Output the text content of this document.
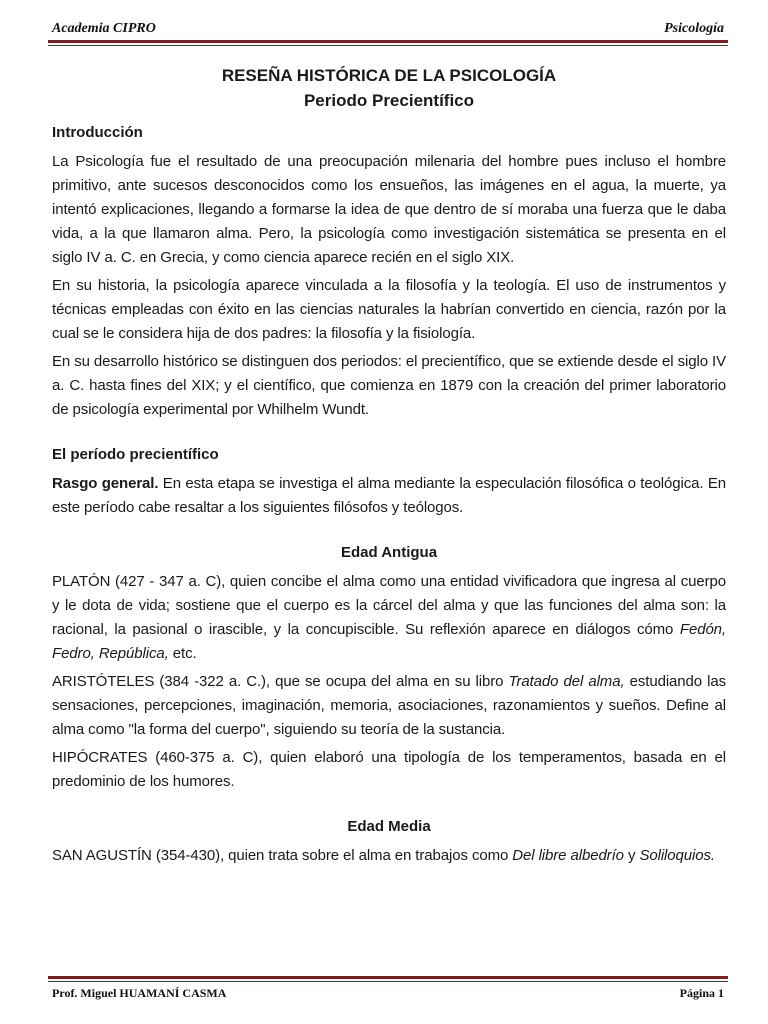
Academia CIPRO	Psicología
RESEÑA HISTÓRICA DE LA PSICOLOGÍA
Periodo Precientífico
Introducción

La Psicología fue el resultado de una preocupación milenaria del hombre pues incluso el hombre primitivo, ante sucesos desconocidos como los ensueños, las imágenes en el agua, la muerte, ya intentó explicaciones, llegando a formarse la idea de que dentro de sí moraba una fuerza que le daba vida, a la que llamaron alma. Pero, la psicología como investigación sistemática se presenta en el siglo IV a. C. en Grecia, y como ciencia aparece recién en el siglo XIX.

En su historia, la psicología aparece vinculada a la filosofía y la teología. El uso de instrumentos y técnicas empleadas con éxito en las ciencias naturales la habrían convertido en ciencia, razón por la cual se le considera hija de dos padres: la filosofía y la fisiología.

En su desarrollo histórico se distinguen dos periodos: el precientífico, que se extiende desde el siglo IV a. C. hasta fines del XIX; y el científico, que comienza en 1879 con la creación del primer laboratorio de psicología experimental por Whilhelm Wundt.

El período precientífico

Rasgo general. En esta etapa se investiga el alma mediante la especulación filosófica o teológica. En este período cabe resaltar a los siguientes filósofos y teólogos.

Edad Antigua

PLATÓN (427 - 347 a. C), quien concibe el alma como una entidad vivificadora que ingresa al cuerpo y le dota de vida; sostiene que el cuerpo es la cárcel del alma y que las funciones del alma son: la racional, la pasional o irascible, y la concupiscible. Su reflexión aparece en diálogos cómo Fedón, Fedro, República, etc.

ARISTÓTELES (384 -322 a. C.), que se ocupa del alma en su libro Tratado del alma, estudiando las sensaciones, percepciones, imaginación, memoria, asociaciones, razonamientos y sueños. Define al alma como "la forma del cuerpo", siguiendo su teoría de la sustancia.

HIPÓCRATES (460-375 a. C), quien elaboró una tipología de los temperamentos, basada en el predominio de los humores.

Edad Media

SAN AGUSTÍN (354-430), quien trata sobre el alma en trabajos como Del libre albedrío y Soliloquios.

Prof. Miguel HUAMANÍ CASMA	Página 1
